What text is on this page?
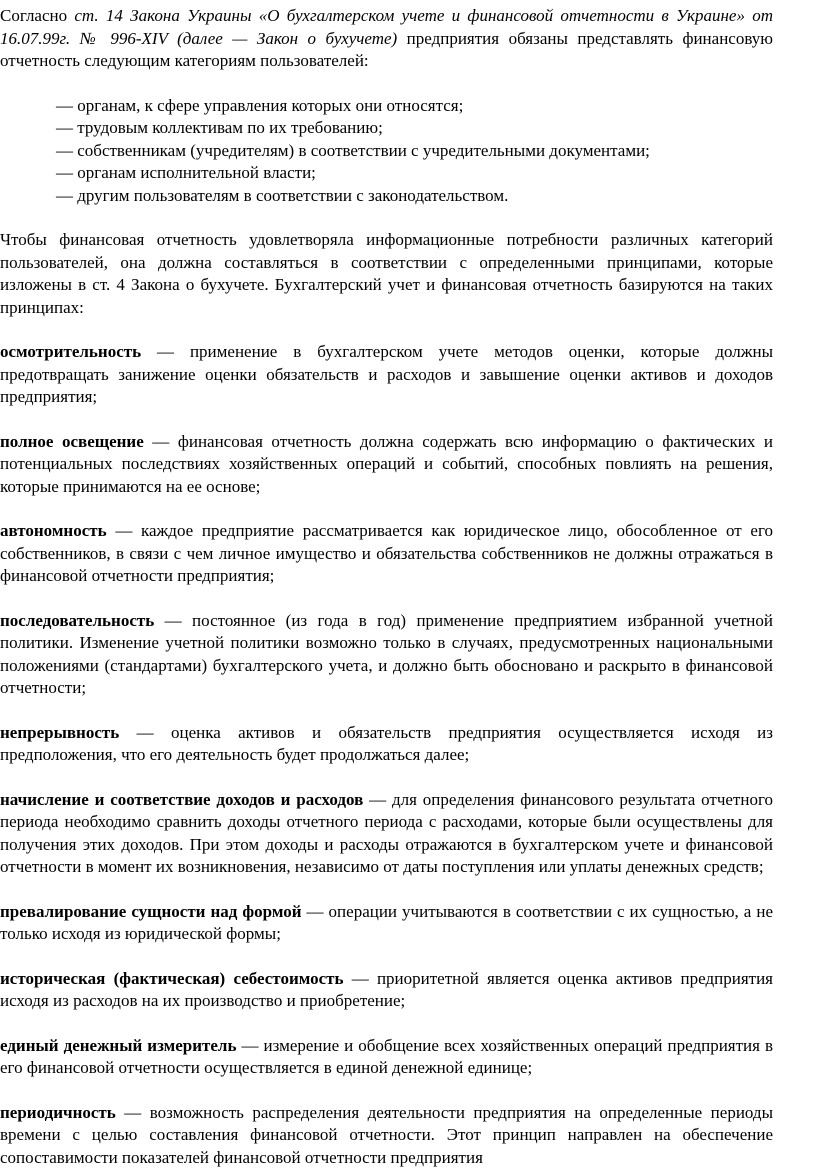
Согласно ст. 14 Закона Украины «О бухгалтерском учете и финансовой отчетности в Украине» от 16.07.99г. № 996-XIV (далее — Закон о бухучете) предприятия обязаны представлять финансовую отчетность следующим категориям пользователей:

— органам, к сфере управления которых они относятся;
— трудовым коллективам по их требованию;
— собственникам (учредителям) в соответствии с учредительными документами;
— органам исполнительной власти;
— другим пользователям в соответствии с законодательством.

Чтобы финансовая отчетность удовлетворяла информационные потребности различных категорий пользователей, она должна составляться в соответствии с определенными принципами, которые изложены в ст. 4 Закона о бухучете. Бухгалтерский учет и финансовая отчетность базируются на таких принципах:

осмотрительность — применение в бухгалтерском учете методов оценки, которые должны предотвращать занижение оценки обязательств и расходов и завышение оценки активов и доходов предприятия;

полное освещение — финансовая отчетность должна содержать всю информацию о фактических и потенциальных последствиях хозяйственных операций и событий, способных повлиять на решения, которые принимаются на ее основе;

автономность — каждое предприятие рассматривается как юридическое лицо, обособленное от его собственников, в связи с чем личное имущество и обязательства собственников не должны отражаться в финансовой отчетности предприятия;

последовательность — постоянное (из года в год) применение предприятием избранной учетной политики. Изменение учетной политики возможно только в случаях, предусмотренных национальными положениями (стандартами) бухгалтерского учета, и должно быть обосновано и раскрыто в финансовой отчетности;

непрерывность — оценка активов и обязательств предприятия осуществляется исходя из предположения, что его деятельность будет продолжаться далее;

начисление и соответствие доходов и расходов — для определения финансового результата отчетного периода необходимо сравнить доходы отчетного периода с расходами, которые были осуществлены для получения этих доходов. При этом доходы и расходы отражаются в бухгалтерском учете и финансовой отчетности в момент их возникновения, независимо от даты поступления или уплаты денежных средств;

превалирование сущности над формой — операции учитываются в соответствии с их сущностью, а не только исходя из юридической формы;

историческая (фактическая) себестоимость — приоритетной является оценка активов предприятия исходя из расходов на их производство и приобретение;

единый денежный измеритель — измерение и обобщение всех хозяйственных операций предприятия в его финансовой отчетности осуществляется в единой денежной единице;

периодичность — возможность распределения деятельности предприятия на определенные периоды времени с целью составления финансовой отчетности. Этот принцип направлен на обеспечение сопоставимости показателей финансовой отчетности предприятия
